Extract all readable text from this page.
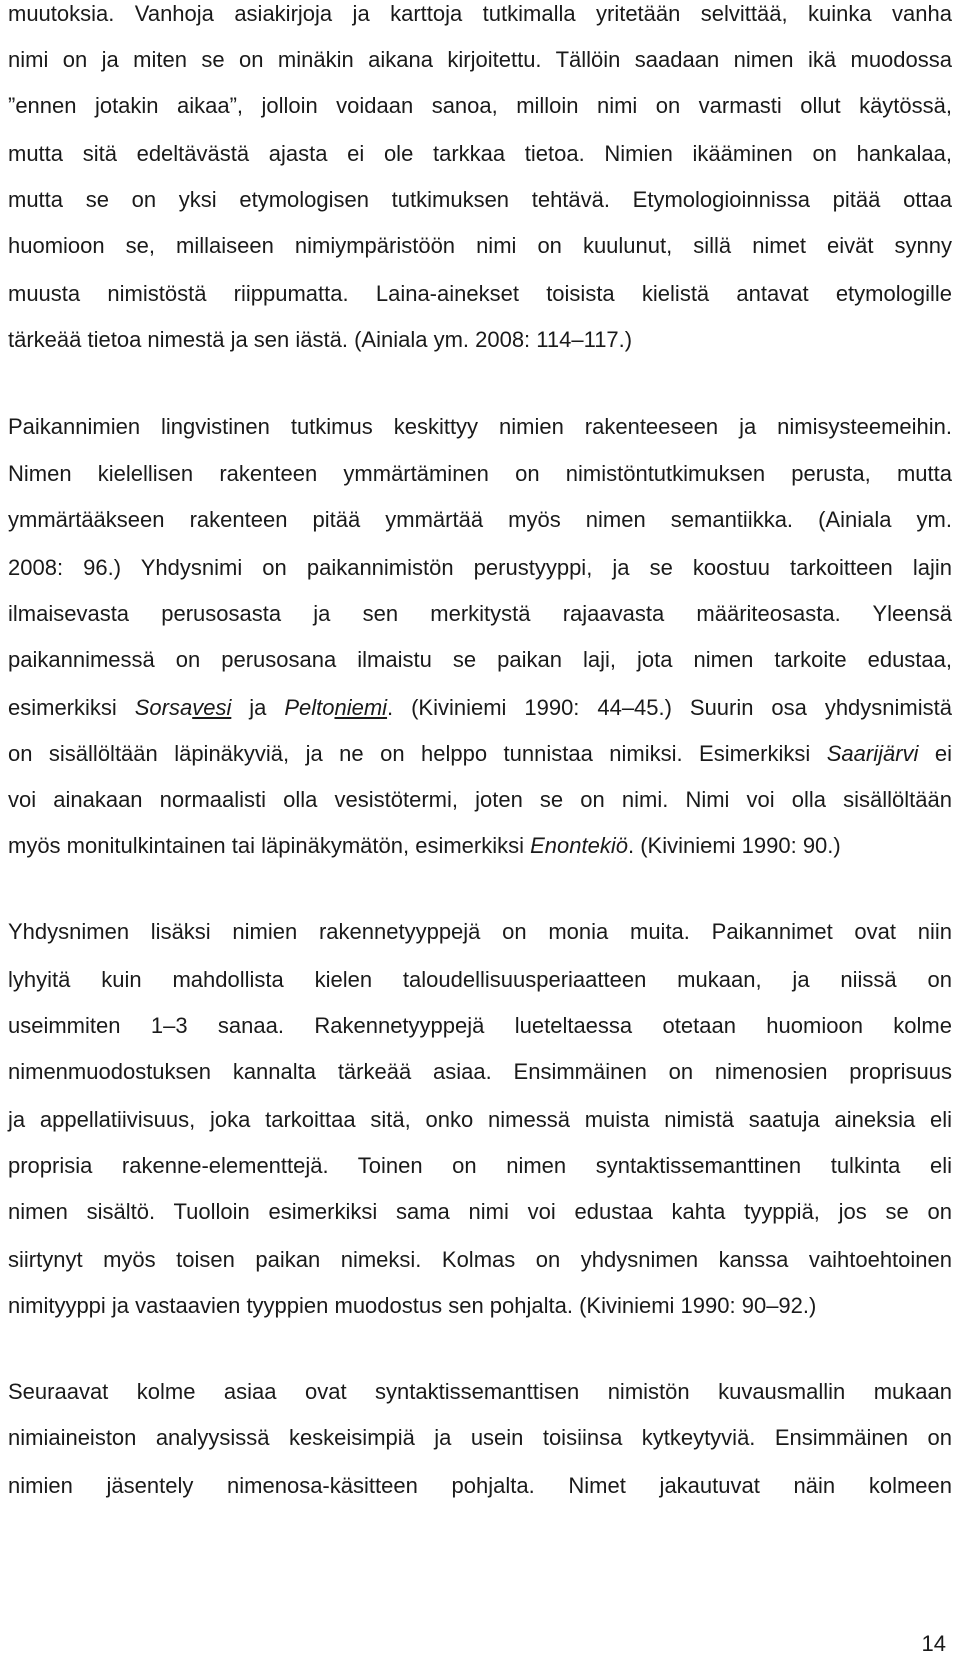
muutoksia. Vanhoja asiakirjoja ja karttoja tutkimalla yritetään selvittää, kuinka vanha
nimi on ja miten se on minäkin aikana kirjoitettu. Tällöin saadaan nimen ikä muodossa
”ennen jotakin aikaa”, jolloin voidaan sanoa, milloin nimi on varmasti ollut käytössä,
mutta sitä edeltävästä ajasta ei ole tarkkaa tietoa. Nimien ikääminen on hankalaa,
mutta se on yksi etymologisen tutkimuksen tehtävä. Etymologioinnissa pitää ottaa
huomioon se, millaiseen nimiympäristöön nimi on kuulunut, sillä nimet eivät synny
muusta nimistöstä riippumatta. Laina-ainekset toisista kielistä antavat etymologille
tärkeää tietoa nimestä ja sen iästä. (Ainiala ym. 2008: 114–117.)
Paikannimien lingvistinen tutkimus keskittyy nimien rakenteeseen ja nimisysteemeihin.
Nimen kielellisen rakenteen ymmärtäminen on nimistöntutkimuksen perusta, mutta
ymmärtääkseen rakenteen pitää ymmärtää myös nimen semantiikka. (Ainiala ym.
2008: 96.) Yhdysnimi on paikannimistön perustyyppi, ja se koostuu tarkoitteen lajin
ilmaisevasta perusosasta ja sen merkitystä rajaavasta määriteosasta. Yleensä
paikannimessä on perusosana ilmaistu se paikan laji, jota nimen tarkoite edustaa,
esimerkiksi Sorsavesi ja Peltoniemi. (Kiviniemi 1990: 44–45.) Suurin osa yhdysnimistä
on sisällöltään läpinäkyviä, ja ne on helppo tunnistaa nimiksi. Esimerkiksi Saarijärvi ei
voi ainakaan normaalisti olla vesistötermi, joten se on nimi. Nimi voi olla sisällöltään
myös monitulkintainen tai läpinäkymätön, esimerkiksi Enontekiö. (Kiviniemi 1990: 90.)
Yhdysnimen lisäksi nimien rakennetyyppejä on monia muita. Paikannimet ovat niin
lyhyitä kuin mahdollista kielen taloudellisuusperiaatteen mukaan, ja niissä on
useimmiten 1–3 sanaa. Rakennetyyppejä lueteltaessa otetaan huomioon kolme
nimenmuodostuksen kannalta tärkeää asiaa. Ensimmäinen on nimenosien proprisuus
ja appellatiivisuus, joka tarkoittaa sitä, onko nimessä muista nimistä saatuja aineksia eli
proprisia rakenne-elementtejä. Toinen on nimen syntaktissemanttinen tulkinta eli
nimen sisältö. Tuolloin esimerkiksi sama nimi voi edustaa kahta tyyppiä, jos se on
siirtynyt myös toisen paikan nimeksi. Kolmas on yhdysnimen kanssa vaihtoehtoinen
nimityyppi ja vastaavien tyyppien muodostus sen pohjalta. (Kiviniemi 1990: 90–92.)
Seuraavat kolme asiaa ovat syntaktissemanttisen nimistön kuvausmallin mukaan
nimiaineiston analyysissä keskeisimpiä ja usein toisiinsa kytkeytyviä. Ensimmäinen on
nimien jäsentely nimenosa-käsitteen pohjalta. Nimet jakautuvat näin kolmeen
14
